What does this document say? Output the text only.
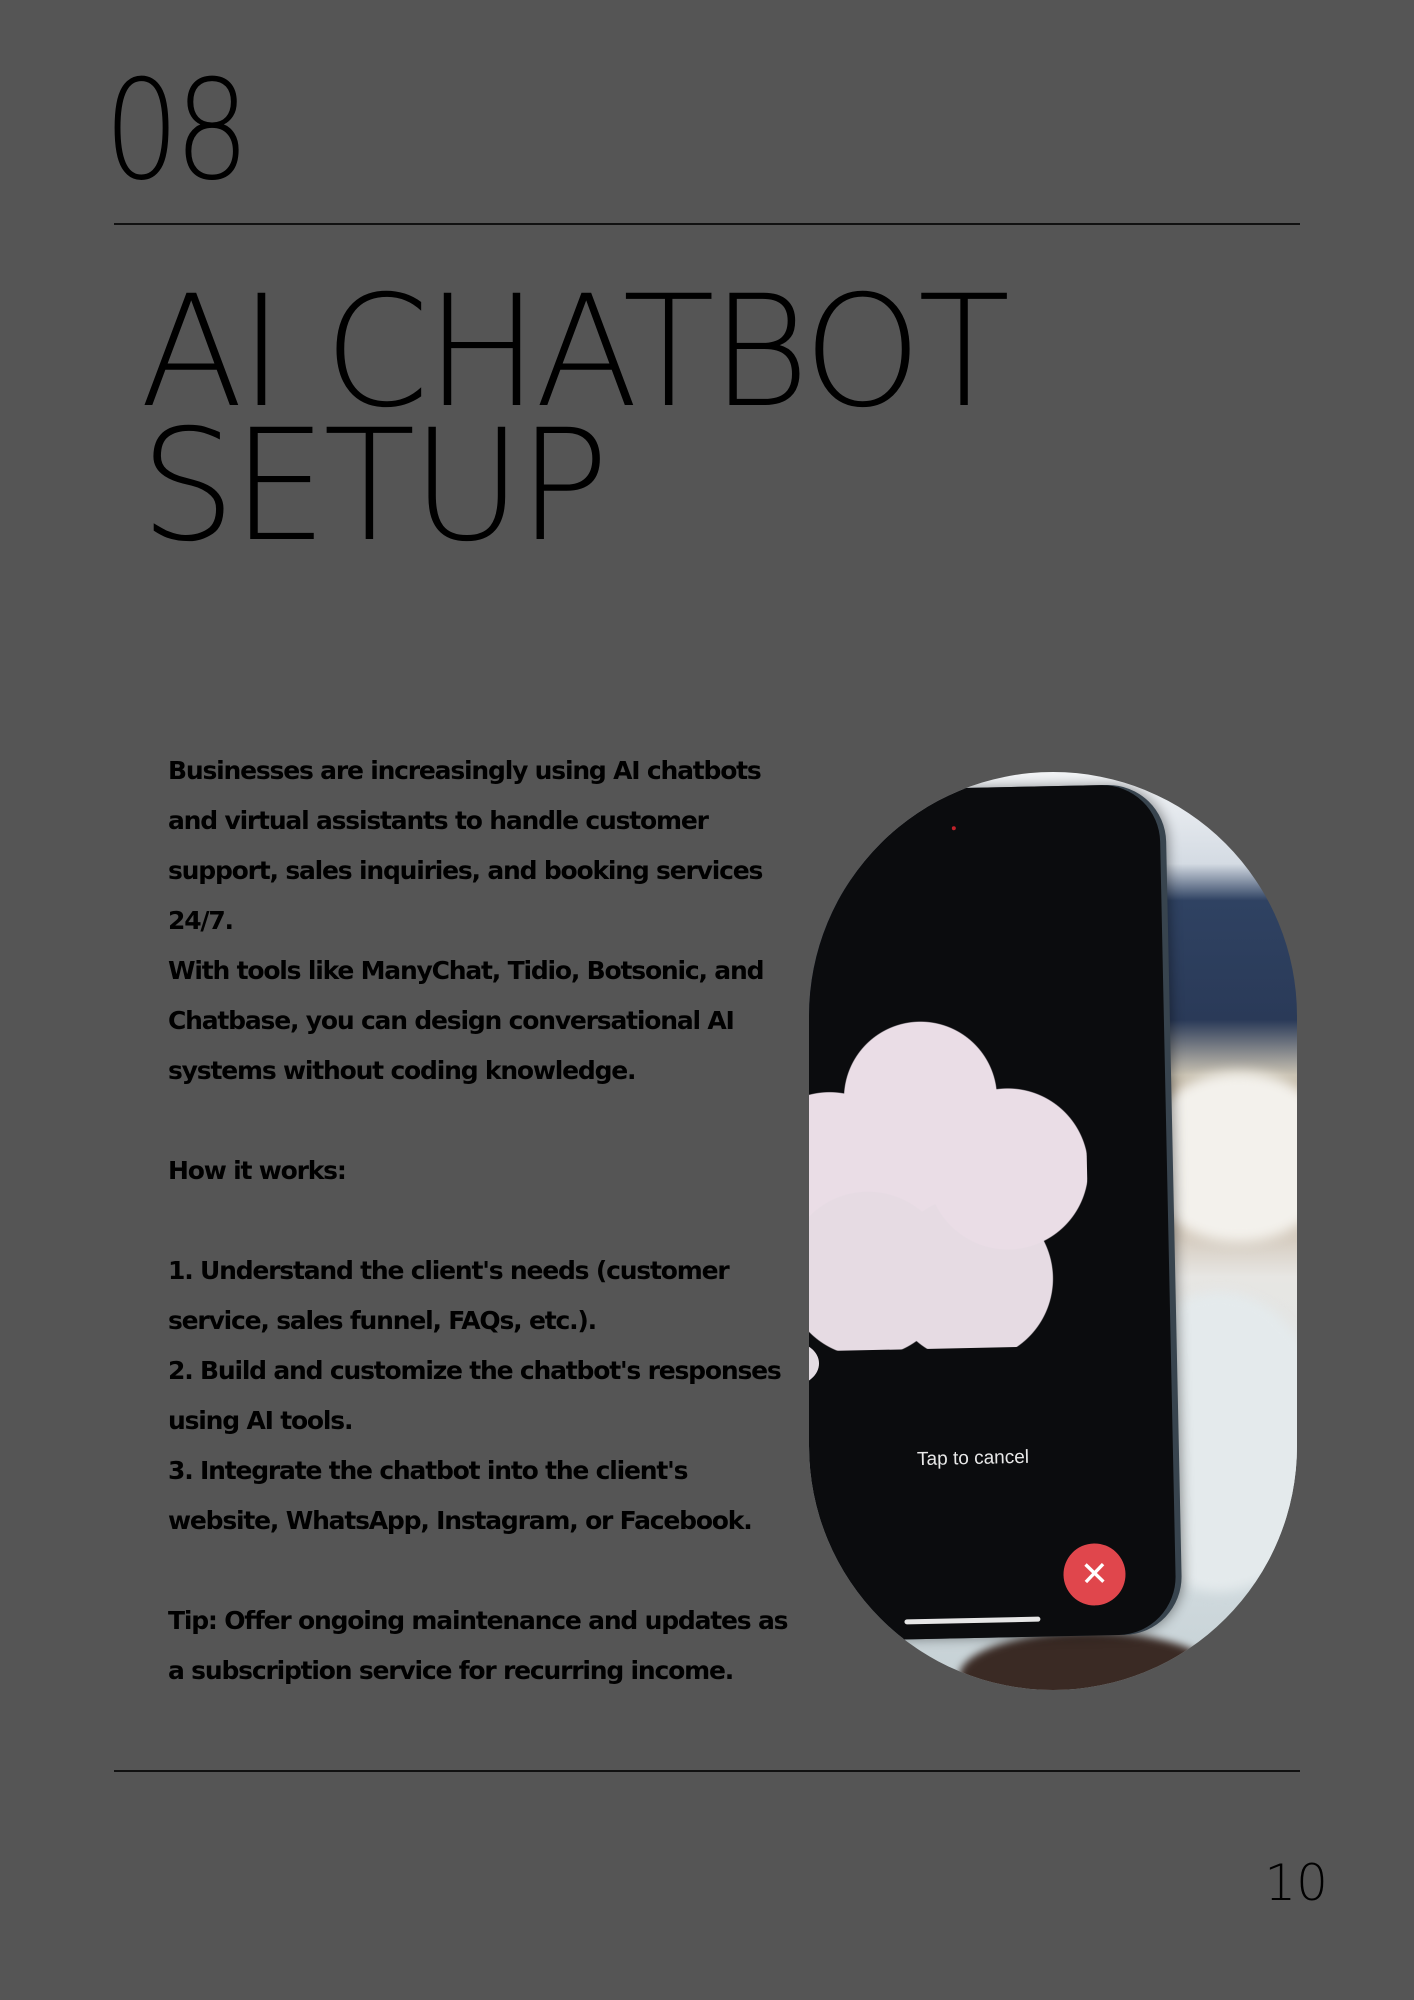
08
AI CHATBOT
SETUP

Businesses are increasingly using AI chatbots and virtual assistants to handle customer support, sales inquiries, and booking services 24/7.

With tools like ManyChat, Tidio, Botsonic, and Chatbase, you can design conversational AI systems without coding knowledge.

How it works:

1. Understand the client's needs (customer service, sales funnel, FAQs, etc.).

2. Build and customize the chatbot's responses using AI tools.

3. Integrate the chatbot into the client's website, WhatsApp, Instagram, or Facebook.

Tip: Offer ongoing maintenance and updates as a subscription service for recurring income.

Tap to cancel
✕
10
